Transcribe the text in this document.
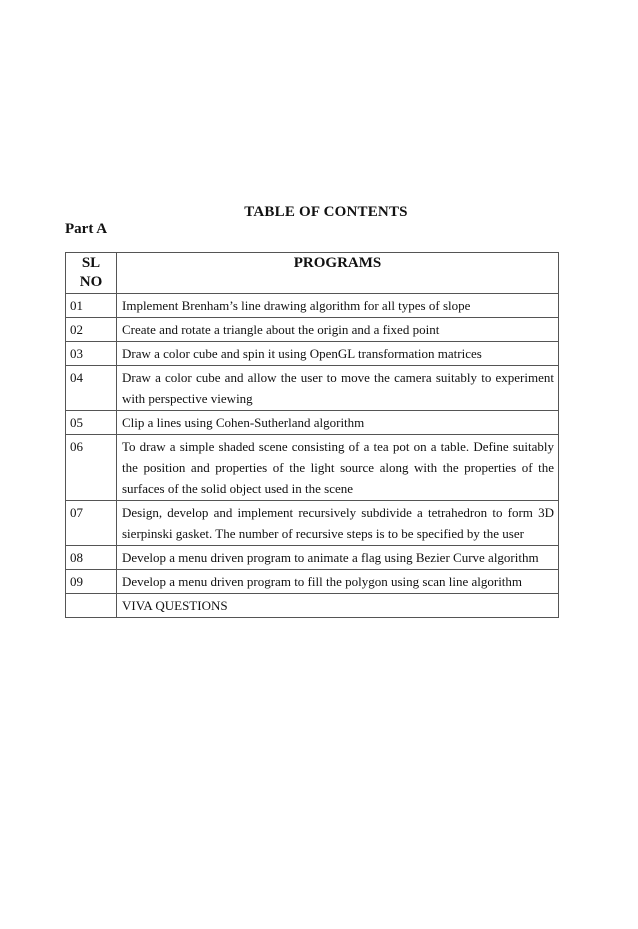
TABLE OF CONTENTS
Part A
SL
NO	PROGRAMS
01	Implement Brenham’s line drawing algorithm for all types of slope
02	Create and rotate a triangle about the origin and a fixed point
03	Draw a color cube and spin it using OpenGL transformation matrices
04	Draw a color cube and allow the user to move the camera suitably to experiment with perspective viewing
05	Clip a lines using Cohen-Sutherland algorithm
06	To draw a simple shaded scene consisting of a tea pot on a table. Define suitably the position and properties of the light source along with the properties of the surfaces of the solid object used in the scene
07	Design, develop and implement recursively subdivide a tetrahedron to form 3D sierpinski gasket. The number of recursive steps is to be specified by the user
08	Develop a menu driven program to animate a flag using Bezier Curve algorithm
09	Develop a menu driven program to fill the polygon using scan line algorithm
	VIVA QUESTIONS
